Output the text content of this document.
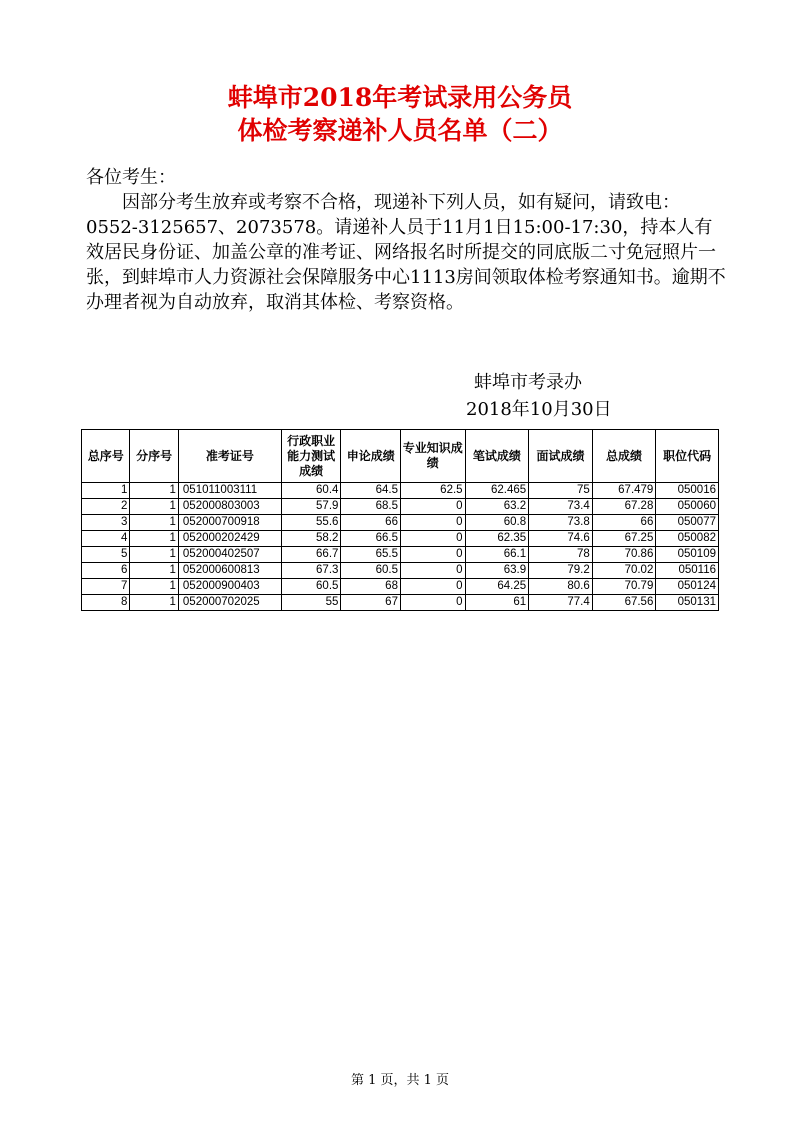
蚌埠市2018年考试录用公务员
体检考察递补人员名单（二）
各位考生：
因部分考生放弃或考察不合格，现递补下列人员，如有疑问，请致电：0552-3125657、2073578。请递补人员于11月1日15:00-17:30，持本人有效居民身份证、加盖公章的准考证、网络报名时所提交的同底版二寸免冠照片一张，到蚌埠市人力资源社会保障服务中心1113房间领取体检考察通知书。逾期不办理者视为自动放弃，取消其体检、考察资格。
蚌埠市考录办
2018年10月30日
总序号	分序号	准考证号	行政职业能力测试成绩	申论成绩	专业知识成绩	笔试成绩	面试成绩	总成绩	职位代码
1	1	051011003111	60.4	64.5	62.5	62.465	75	67.479	050016
2	1	052000803003	57.9	68.5	0	63.2	73.4	67.28	050060
3	1	052000700918	55.6	66	0	60.8	73.8	66	050077
4	1	052000202429	58.2	66.5	0	62.35	74.6	67.25	050082
5	1	052000402507	66.7	65.5	0	66.1	78	70.86	050109
6	1	052000600813	67.3	60.5	0	63.9	79.2	70.02	050116
7	1	052000900403	60.5	68	0	64.25	80.6	70.79	050124
8	1	052000702025	55	67	0	61	77.4	67.56	050131
第 1 页，共 1 页
